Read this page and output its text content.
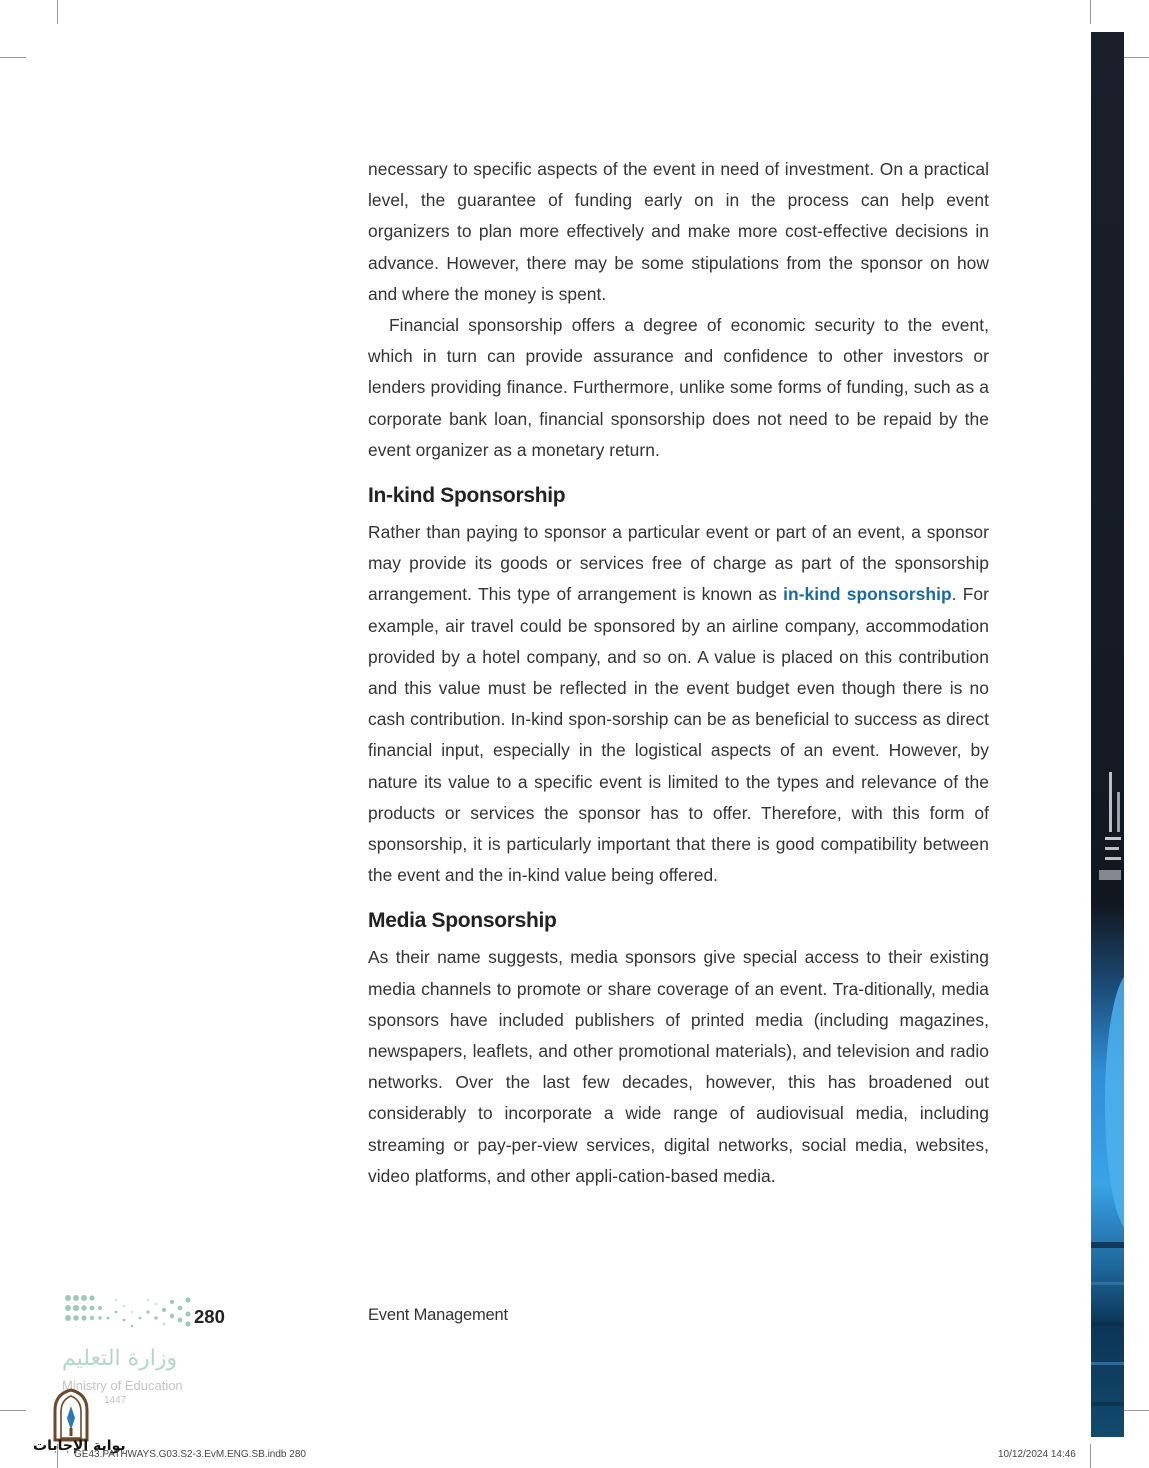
necessary to specific aspects of the event in need of investment. On a practical level, the guarantee of funding early on in the process can help event organizers to plan more effectively and make more cost-effective decisions in advance. However, there may be some stipulations from the sponsor on how and where the money is spent.

Financial sponsorship offers a degree of economic security to the event, which in turn can provide assurance and confidence to other investors or lenders providing finance. Furthermore, unlike some forms of funding, such as a corporate bank loan, financial sponsorship does not need to be repaid by the event organizer as a monetary return.

In-kind Sponsorship

Rather than paying to sponsor a particular event or part of an event, a sponsor may provide its goods or services free of charge as part of the sponsorship arrangement. This type of arrangement is known as in-kind sponsorship. For example, air travel could be sponsored by an airline company, accommodation provided by a hotel company, and so on. A value is placed on this contribution and this value must be reflected in the event budget even though there is no cash contribution. In-kind spon-sorship can be as beneficial to success as direct financial input, especially in the logistical aspects of an event. However, by nature its value to a specific event is limited to the types and relevance of the products or services the sponsor has to offer. Therefore, with this form of sponsorship, it is particularly important that there is good compatibility between the event and the in-kind value being offered.

Media Sponsorship

As their name suggests, media sponsors give special access to their existing media channels to promote or share coverage of an event. Tra-ditionally, media sponsors have included publishers of printed media (including magazines, newspapers, leaflets, and other promotional materials), and television and radio networks. Over the last few decades, however, this has broadened out considerably to incorporate a wide range of audiovisual media, including streaming or pay-per-view services, digital networks, social media, websites, video platforms, and other appli-cation-based media.

280	Event Management
وزارة التعليم
Ministry of Education
1447
بوابة الإجابات
GE43.PATHWAYS.G03.S2-3.EvM.ENG.SB.indb 280	10/12/2024 14:46
